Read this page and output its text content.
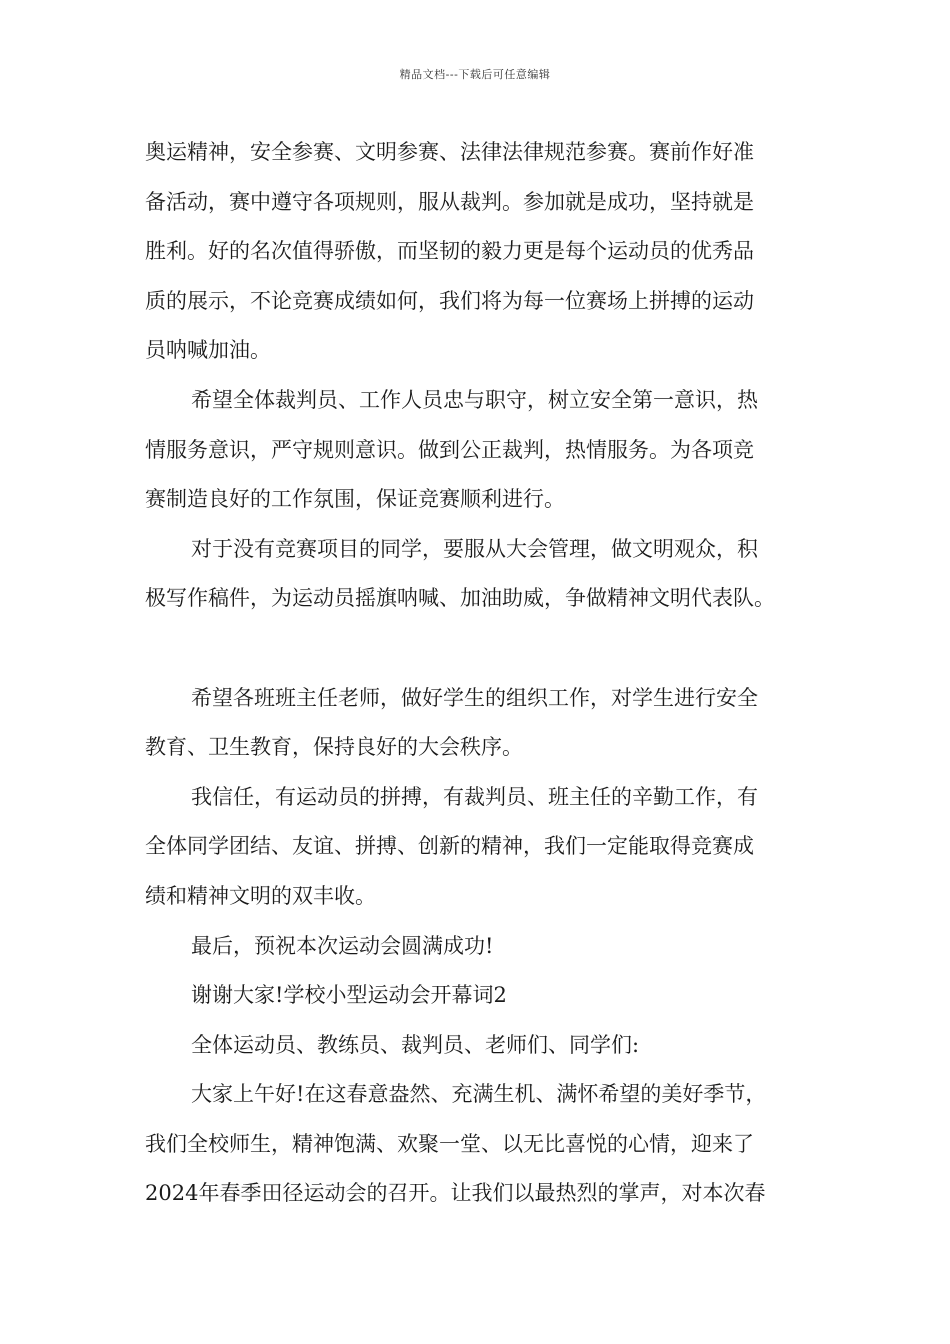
精品文档---下载后可任意编辑
奥运精神，安全参赛、文明参赛、法律法律规范参赛。赛前作好准
备活动，赛中遵守各项规则，服从裁判。参加就是成功，坚持就是
胜利。好的名次值得骄傲，而坚韧的毅力更是每个运动员的优秀品
质的展示，不论竞赛成绩如何，我们将为每一位赛场上拼搏的运动
员呐喊加油。
希望全体裁判员、工作人员忠与职守，树立安全第一意识，热
情服务意识，严守规则意识。做到公正裁判，热情服务。为各项竞
赛制造良好的工作氛围，保证竞赛顺利进行。
对于没有竞赛项目的同学，要服从大会管理，做文明观众，积
极写作稿件，为运动员摇旗呐喊、加油助威，争做精神文明代表队。
希望各班班主任老师，做好学生的组织工作，对学生进行安全
教育、卫生教育，保持良好的大会秩序。
我信任，有运动员的拼搏，有裁判员、班主任的辛勤工作，有
全体同学团结、友谊、拼搏、创新的精神，我们一定能取得竞赛成
绩和精神文明的双丰收。
最后，预祝本次运动会圆满成功!
谢谢大家!学校小型运动会开幕词2
全体运动员、教练员、裁判员、老师们、同学们:
大家上午好!在这春意盎然、充满生机、满怀希望的美好季节，
我们全校师生，精神饱满、欢聚一堂、以无比喜悦的心情，迎来了
2024年春季田径运动会的召开。让我们以最热烈的掌声，对本次春
